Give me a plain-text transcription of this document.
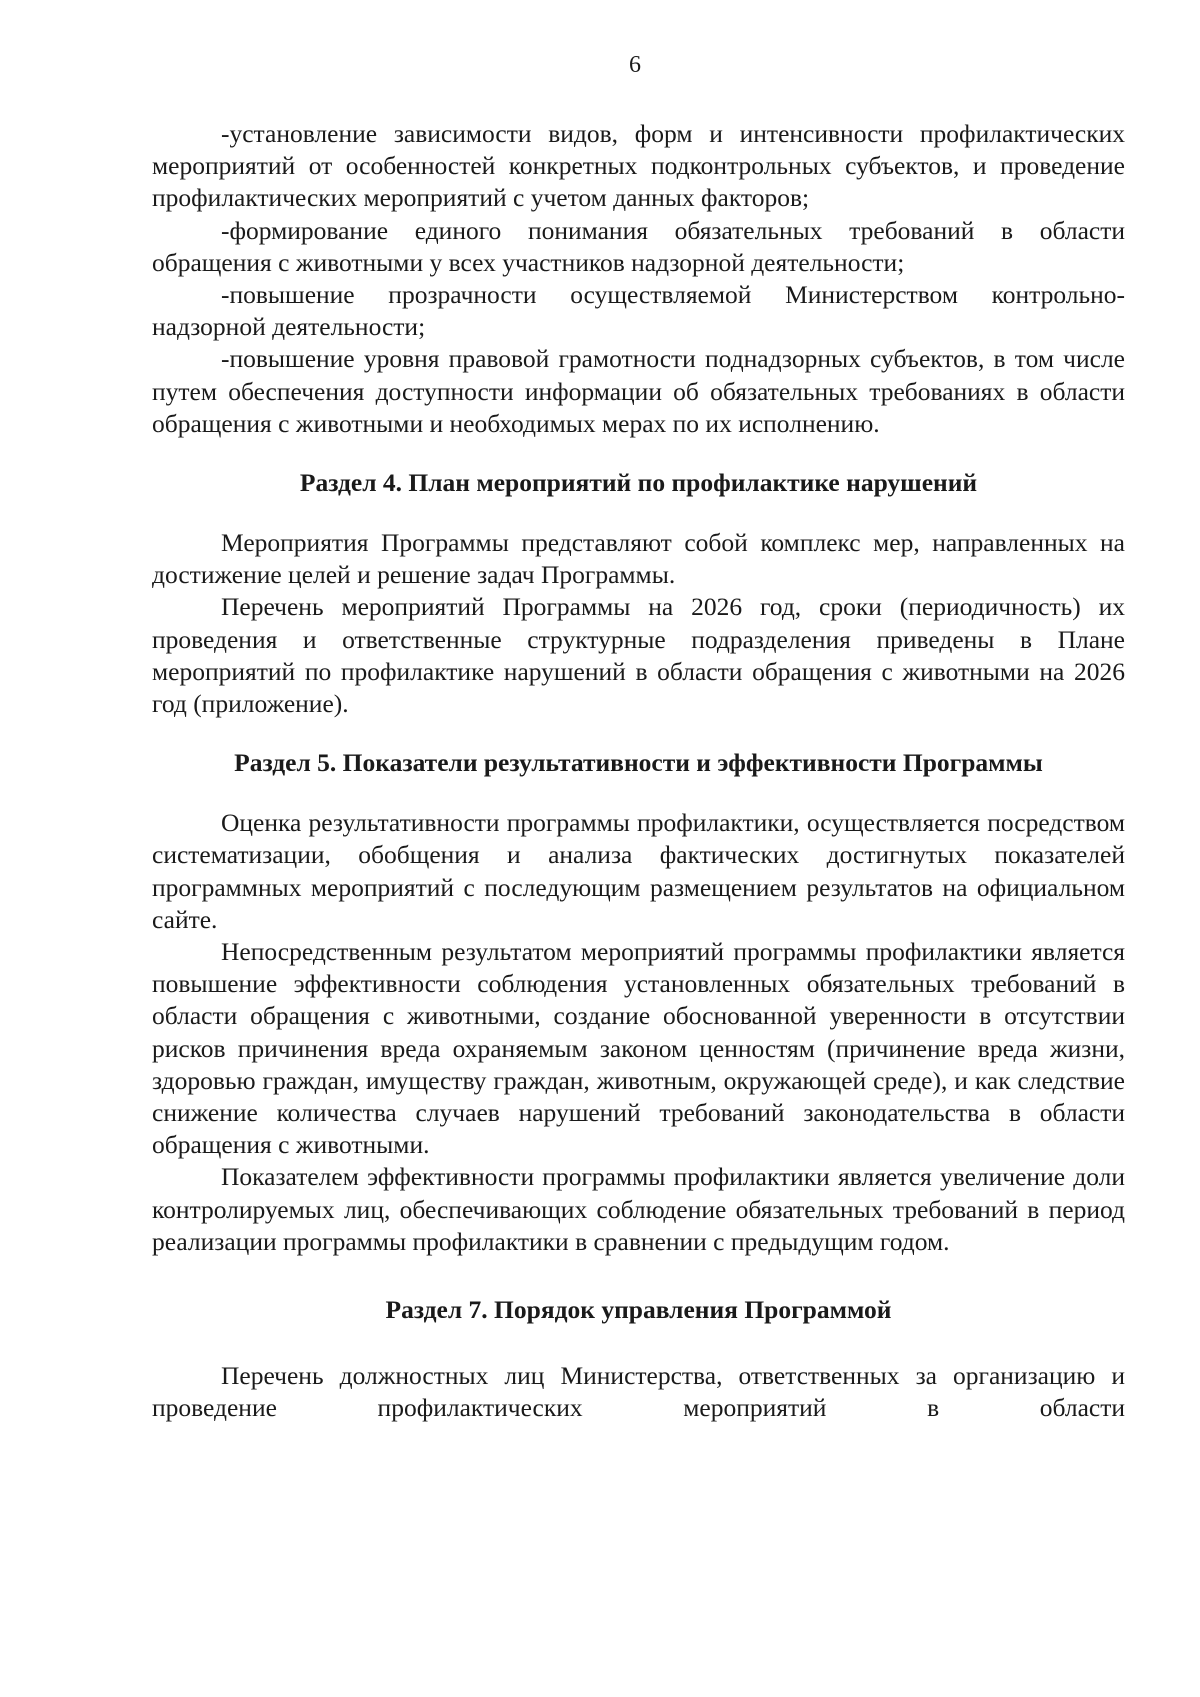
6

-установление зависимости видов, форм и интенсивности профилактических мероприятий от особенностей конкретных подконтрольных субъектов, и проведение профилактических мероприятий с учетом данных факторов;

-формирование единого понимания обязательных требований в области обращения с животными у всех участников надзорной деятельности;

-повышение прозрачности осуществляемой Министерством контрольно-надзорной деятельности;

-повышение уровня правовой грамотности поднадзорных субъектов, в том числе путем обеспечения доступности информации об обязательных требованиях в области обращения с животными и необходимых мерах по их исполнению.

Раздел 4. План мероприятий по профилактике нарушений

Мероприятия Программы представляют собой комплекс мер, направленных на достижение целей и решение задач Программы.

Перечень мероприятий Программы на 2026 год, сроки (периодичность) их проведения и ответственные структурные подразделения приведены в Плане мероприятий по профилактике нарушений в области обращения с животными на 2026 год (приложение).

Раздел 5. Показатели результативности и эффективности Программы

Оценка результативности программы профилактики, осуществляется посредством систематизации, обобщения и анализа фактических достигнутых показателей программных мероприятий с последующим размещением результатов на официальном сайте.

Непосредственным результатом мероприятий программы профилактики является повышение эффективности соблюдения установленных обязательных требований в области обращения с животными, создание обоснованной уверенности в отсутствии рисков причинения вреда охраняемым законом ценностям (причинение вреда жизни, здоровью граждан, имуществу граждан, животным, окружающей среде), и как следствие снижение количества случаев нарушений требований законодательства в области обращения с животными.

Показателем эффективности программы профилактики является увеличение доли контролируемых лиц, обеспечивающих соблюдение обязательных требований в период реализации программы профилактики в сравнении с предыдущим годом.

Раздел 7. Порядок управления Программой

Перечень должностных лиц Министерства, ответственных за организацию и проведение профилактических мероприятий в области
